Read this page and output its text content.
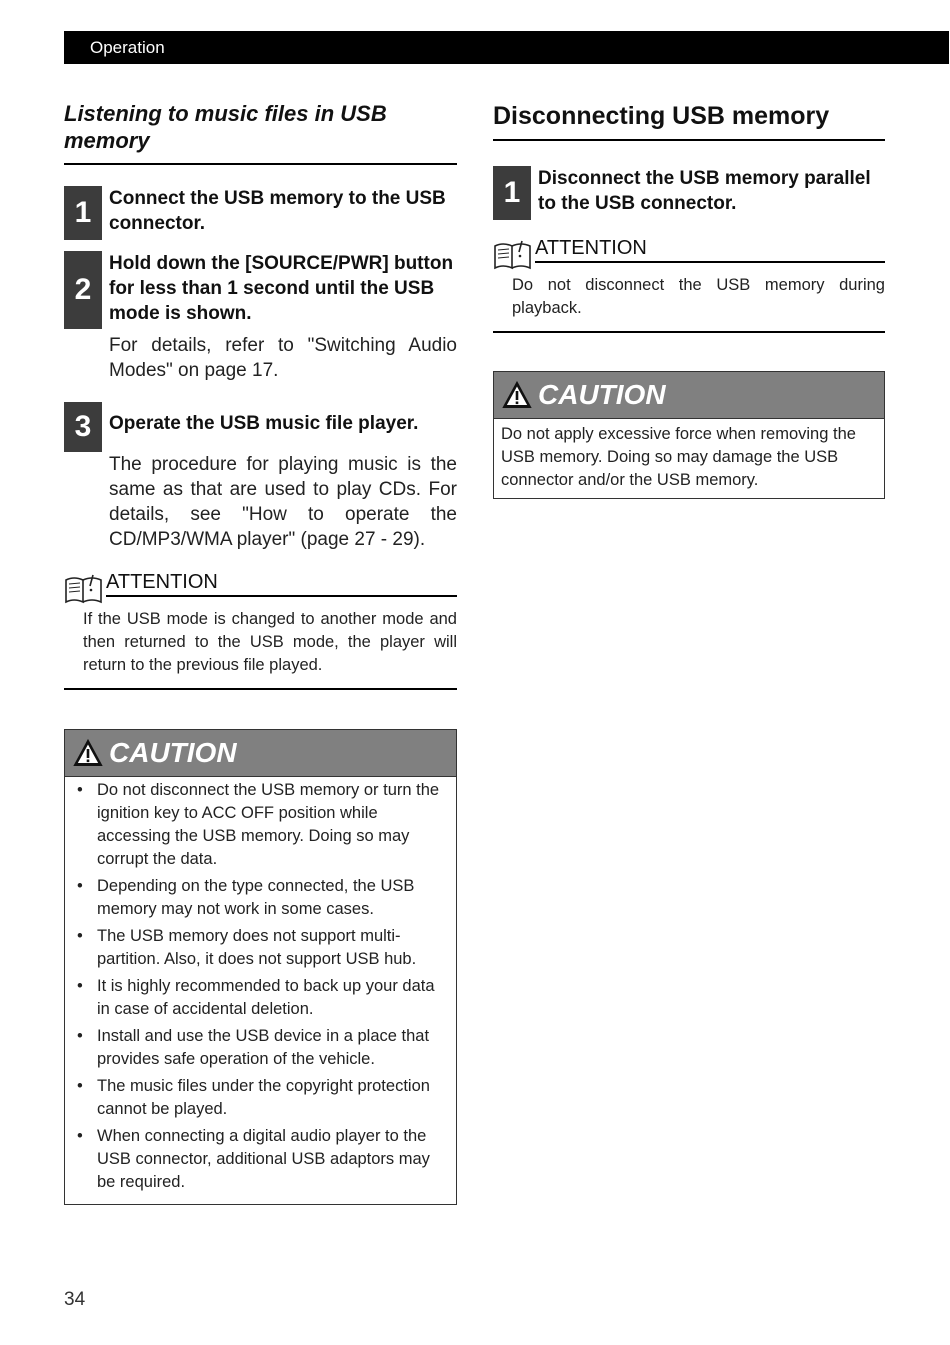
Operation
Listening to music files in USB memory
1 Connect the USB memory to the USB connector.
2
Hold down the [SOURCE/PWR] button for less than 1 second until the USB mode is shown.
For details, refer to "Switching Audio Modes" on page 17.
3 Operate the USB music file player.
The procedure for playing music is the same as that are used to play CDs. For details, see "How to operate the CD/MP3/WMA player" (page 27 - 29).
ATTENTION
If the USB mode is changed to another mode and then returned to the USB mode, the player will return to the previous file played.
CAUTION
• Do not disconnect the USB memory or turn the ignition key to ACC OFF position while accessing the USB memory. Doing so may corrupt the data.
• Depending on the type connected, the USB memory may not work in some cases.
• The USB memory does not support multi-partition. Also, it does not support USB hub.
• It is highly recommended to back up your data in case of accidental deletion.
• Install and use the USB device in a place that provides safe operation of the vehicle.
• The music files under the copyright protection cannot be played.
• When connecting a digital audio player to the USB connector, additional USB adaptors may be required.
Disconnecting USB memory
1 Disconnect the USB memory parallel to the USB connector.
ATTENTION
Do not disconnect the USB memory during playback.
CAUTION
Do not apply excessive force when removing the USB memory. Doing so may damage the USB connector and/or the USB memory.
34
